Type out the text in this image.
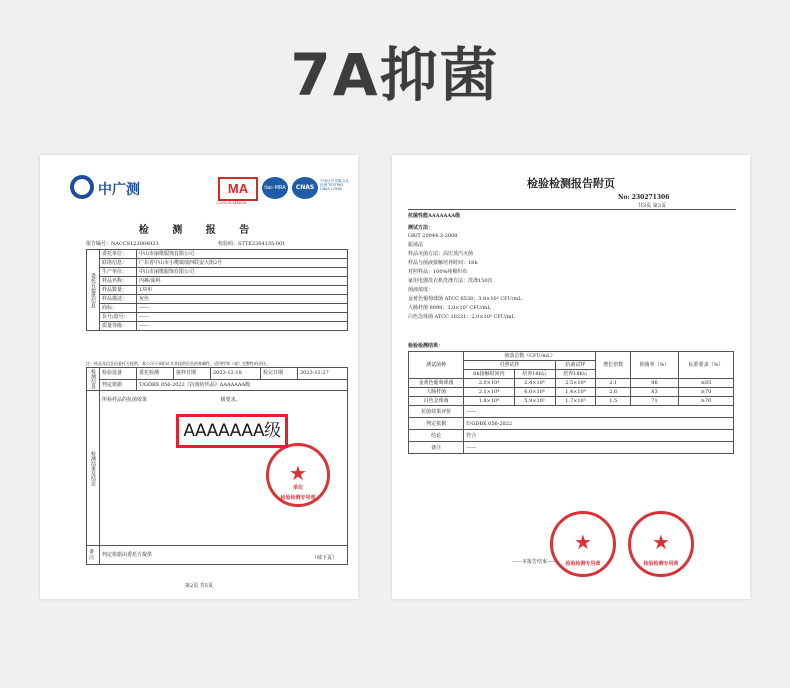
7A抑菌
中广测	MA
220020344606
ilac-MRA	CNAS
中国认可 国际互认 检测 TESTING CNAS L7956
检 测 报 告
报告编号：NACCS123004923	校验码：STTE2304135-001
委托方提供信息	委托单位：	中山市丽歌服饰有限公司
	联络信息：	广东省中山市小榄镇绩西联安大街2号
	生产单位：	中山市丽歌服饰有限公司
	样品名称：	内裤/面料
	样品数量：	1块布
	样品描述：	灰色
	商标：	——
	货号/款号：	——
	质量等级：	——
注：样品及信息由委托方提供，本公司不承担证实其提供信息的准确性、适用性和（或）完整性的责任。
检测信息	检验设备	委托检测	接样日期	2023-12-18	检完日期	2023-12-27
	判定依据	T/GDBX 056-2022《抗菌纺织品》AAAAAAA级				
检测结果及结论	所检样品的抗菌效果 级要求。					
备注	判定依据由委托方提供					
★
单位
检验检测专用章
AAAAAAA级
（续下页）
第2页 共5页
检验检测报告附页
No: 230271306
共3页 第3页
抗菌性能AAAAAAA级
测试方法：
GB/T 20944.3-2008
振荡法
样品灭菌方法：高压蒸汽灭菌
样品与菌液接触培养时间：18h
对照样品：100%纯棉织布
家用电器洗衣机洗涤方法：洗涤150次
菌液浓度：
金黄色葡萄球菌 ATCC 6538：3.8×10⁵ CFU/mL
大肠杆菌 8099：3.0×10⁵ CFU/mL
白色念珠菌 ATCC 10231：2.0×10⁵ CFU/mL
检验检测结果：
测试菌种	菌落总数（CFU/mL）			增长倍数	抑菌率（%）	标准要求（%）
	对照试样		抗菌试样			
	0h接触时间内	培养18h后	培养18h后			
金黄色葡萄球菌	2.0×10⁴	2.4×10⁶	2.5×10⁴	2.1	96	≥85
大肠杆菌	2.1×10⁴	6.0×10⁶	1.4×10⁶	2.6	83	≥70
白色念珠菌	1.8×10⁴	5.9×10⁵	1.7×10⁵	1.5	71	≥70
抗菌效果评价	——					
判定依据	T/GDBX 056-2022					
结论	符合					
备注	——					
——本报告结束——
★
检验检测专用章
★
检验检测专用章
